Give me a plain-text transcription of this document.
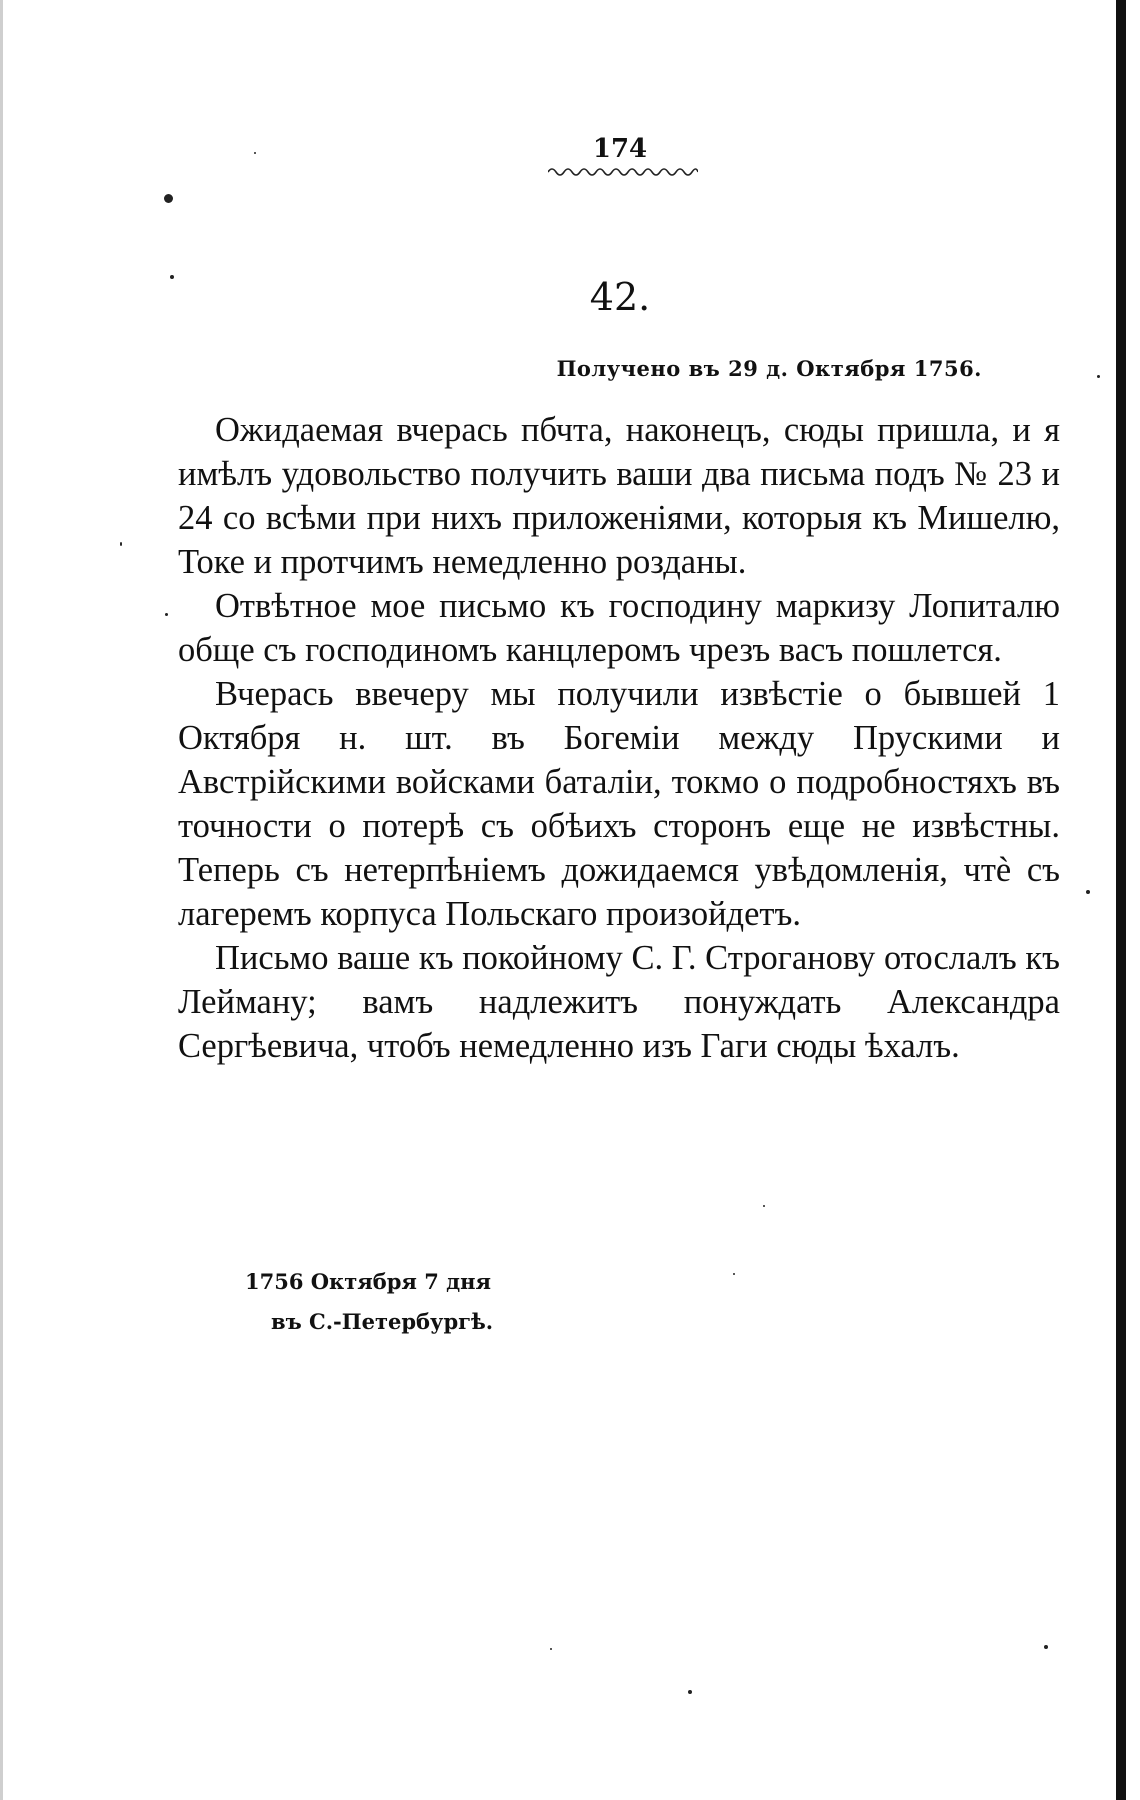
174
42.
Получено въ 29 д. Октября 1756.

Ожидаемая вчерась пбчта, наконецъ, сюды пришла, и я имѣлъ удовольство получить ваши два письма подъ № 23 и 24 со всѣми при нихъ приложеніями, которыя къ Мишелю, Токе и протчимъ немедленно розданы.

Отвѣтное мое письмо къ господину маркизу Лопиталю обще съ господиномъ канцлеромъ чрезъ васъ пошлется.

Вчерась ввечеру мы получили извѣстіе о бывшей 1 Октября н. шт. въ Богеміи между Прускими и Австрійскими войсками баталіи, токмо о подробностяхъ въ точности о потерѣ съ обѣихъ сторонъ еще не извѣстны. Теперь съ нетерпѣніемъ дожидаемся увѣдомленія, чтѐ съ лагеремъ корпуса Польскаго произойдетъ.

Письмо ваше къ покойному С. Г. Строганову отослалъ къ Лейману; вамъ надлежитъ понуждать Александра Сергѣевича, чтобъ немедленно изъ Гаги сюды ѣхалъ.

1756 Октября 7 дня
въ С.-Петербургѣ.
